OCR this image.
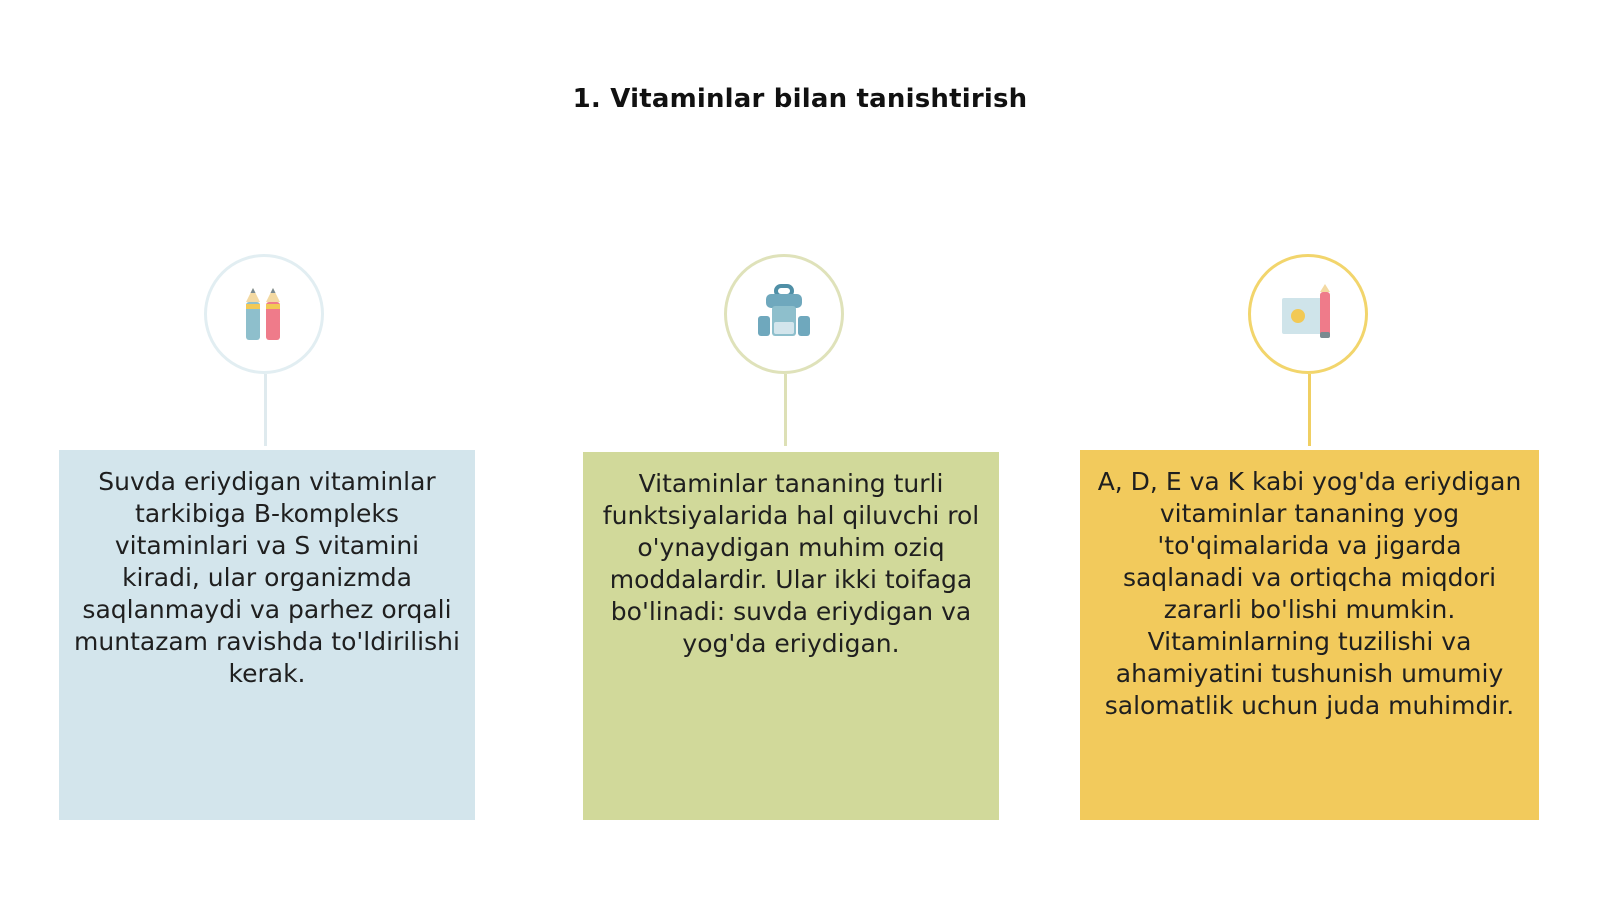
1. Vitaminlar bilan tanishtirish
Suvda eriydigan vitaminlar tarkibiga B-kompleks vitaminlari va S vitamini kiradi, ular organizmda saqlanmaydi va parhez orqali muntazam ravishda to'ldirilishi kerak.
Vitaminlar tananing turli funktsiyalarida hal qiluvchi rol o'ynaydigan muhim oziq moddalardir. Ular ikki toifaga bo'linadi: suvda eriydigan va yog'da eriydigan.
A, D, E va K kabi yog'da eriydigan vitaminlar tananing yog 'to'qimalarida va jigarda saqlanadi va ortiqcha miqdori zararli bo'lishi mumkin. Vitaminlarning tuzilishi va ahamiyatini tushunish umumiy salomatlik uchun juda muhimdir.
